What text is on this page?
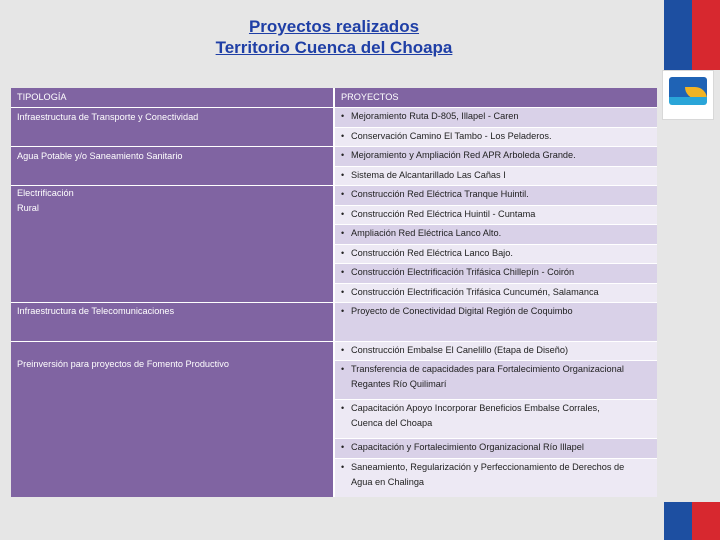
Proyectos realizados
Territorio Cuenca del Choapa
TIPOLOGÍA	PROYECTOS
Infraestructura de Transporte y Conectividad
Agua Potable y/o Saneamiento Sanitario
Electrificación
Rural
Infraestructura de Telecomunicaciones
Preinversión para proyectos de Fomento Productivo
• Mejoramiento Ruta D-805, Illapel - Caren
• Conservación Camino El Tambo - Los Peladeros.
• Mejoramiento y Ampliación Red APR Arboleda Grande.
• Sistema de Alcantarillado Las Cañas I
• Construcción Red Eléctrica Tranque Huintil.
• Construcción Red Eléctrica Huintil - Cuntama
• Ampliación Red Eléctrica Lanco Alto.
• Construcción Red Eléctrica Lanco Bajo.
• Construcción Electrificación Trifásica Chillepín - Coirón
• Construcción Electrificación Trifásica Cuncumén, Salamanca
• Proyecto de Conectividad Digital Región de Coquimbo
• Construcción Embalse El Canelillo (Etapa de Diseño)
• Transferencia de capacidades para Fortalecimiento Organizacional
Regantes Río Quilimarí
• Capacitación Apoyo Incorporar Beneficios Embalse Corrales,
Cuenca del Choapa
• Capacitación y Fortalecimiento Organizacional Río Illapel
• Saneamiento, Regularización y Perfeccionamiento de Derechos de
Agua en Chalinga
